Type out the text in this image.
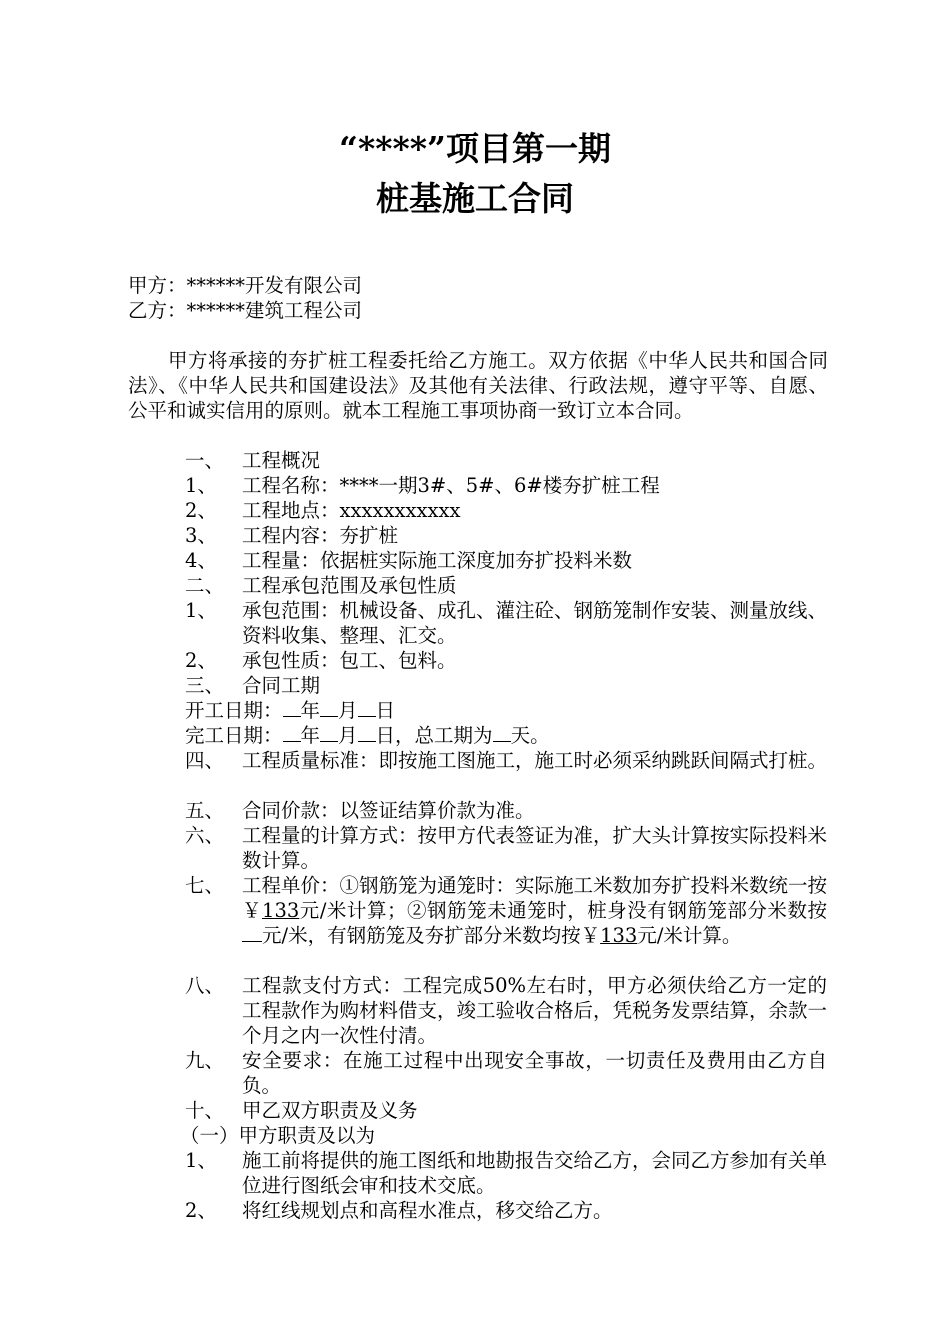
“****”项目第一期
桩基施工合同
甲方：******开发有限公司
乙方：******建筑工程公司
甲方将承接的夯扩桩工程委托给乙方施工。双方依据《中华人民共和国合同法》、《中华人民共和国建设法》及其他有关法律、行政法规，遵守平等、自愿、公平和诚实信用的原则。就本工程施工事项协商一致订立本合同。
一、 工程概况
1、 工程名称：****一期3#、5#、6#楼夯扩桩工程
2、 工程地点：xxxxxxxxxxx
3、 工程内容：夯扩桩
4、 工程量：依据桩实际施工深度加夯扩投料米数
二、 工程承包范围及承包性质
1、 承包范围：机械设备、成孔、灌注砼、钢筋笼制作安装、测量放线、资料收集、整理、汇交。
2、 承包性质：包工、包料。
三、 合同工期
开工日期： 年 月 日
完工日期： 年 月 日，总工期为 天。
四、 工程质量标准：即按施工图施工，施工时必须采纳跳跃间隔式打桩。
五、 合同价款：以签证结算价款为准。
六、 工程量的计算方式：按甲方代表签证为准，扩大头计算按实际投料米数计算。
七、 工程单价：①钢筋笼为通笼时：实际施工米数加夯扩投料米数统一按￥133元/米计算；②钢筋笼未通笼时，桩身没有钢筋笼部分米数按元/米，有钢筋笼及夯扩部分米数均按￥133元/米计算。
八、 工程款支付方式：工程完成50%左右时，甲方必须伕给乙方一定的工程款作为购材料借支，竣工验收合格后，凭税务发票结算，余款一个月之内一次性付清。
九、 安全要求：在施工过程中出现安全事故，一切责任及费用由乙方自负。
十、 甲乙双方职责及义务
（一）甲方职责及以为
1、 施工前将提供的施工图纸和地勘报告交给乙方，会同乙方参加有关单位进行图纸会审和技术交底。
2、 将红线规划点和高程水准点，移交给乙方。
